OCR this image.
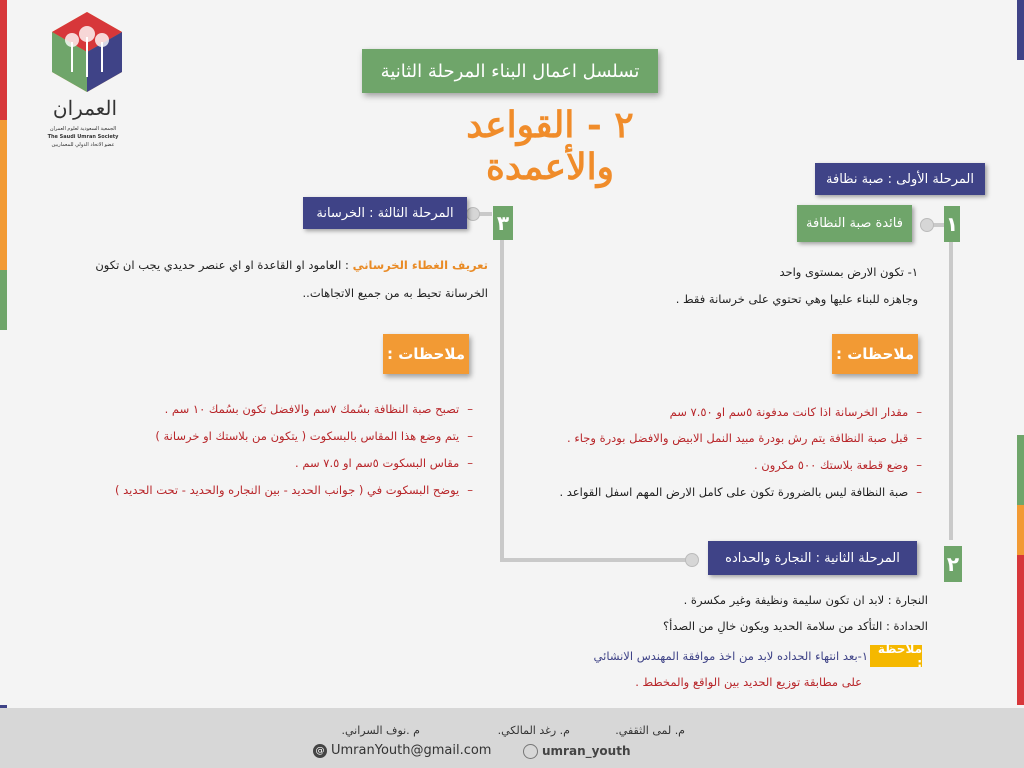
العمران
الجمعية السعودية لعلوم العمران
The Saudi Umran Society
عضو الاتحاد الدولي للمعماريين
تسلسل اعمال البناء المرحلة الثانية
٢ - القواعد والأعمدة	المرحلة الأولى : صبة نظافة
١
فائدة صبة النظافة
١- تكون الارض بمستوى واحد
وجاهزه للبناء عليها وهي تحتوي على خرسانة فقط .
ملاحظات :
–مقدار الخرسانة اذا كانت مدفونة ٥سم او ٧.٥٠ سم
–قبل صبة النظافة يتم رش بودرة مبيد النمل الابيض والافضل بودرة وجاء .
–وضع قطعة بلاستك ٥٠٠ مكرون .
–صبة النظافة ليس بالضرورة تكون على كامل الارض المهم اسفل القواعد .
المرحلة الثالثة : الخرسانة	٣
تعريف الغطاء الخرساني : العامود او القاعدة او اي عنصر حديدي يجب ان تكون
الخرسانة تحيط به من جميع الاتجاهات..
ملاحظات :
–تصبح صبة النظافة بسُمك ٧سم والافضل تكون بسُمك ١٠ سم .
–يتم وضع هذا المقاس بالبسكوت ( يتكون من بلاستك او خرسانة )
–مقاس البسكوت ٥سم او ٧.٥ سم .
–يوضح البسكوت في ( جوانب الحديد - بين النجاره والحديد - تحت الحديد )
المرحلة الثانية : النجارة والحداده	٢
النجارة : لابد ان تكون سليمة ونظيفة وغير مكسرة .
الحدادة : التأكد من سلامة الحديد ويكون خالِ من الصدأ؟
ملاحظة :
١-بعد انتهاء الحداده لابد من اخذ موافقة المهندس الانشائي
على مطابقة توزيع الحديد بين الواقع والمخطط .
م. لمى الثقفي.
م. رغد المالكي.
م .نوف السراني.
@ UmranYouth@gmail.com	umran_youth
